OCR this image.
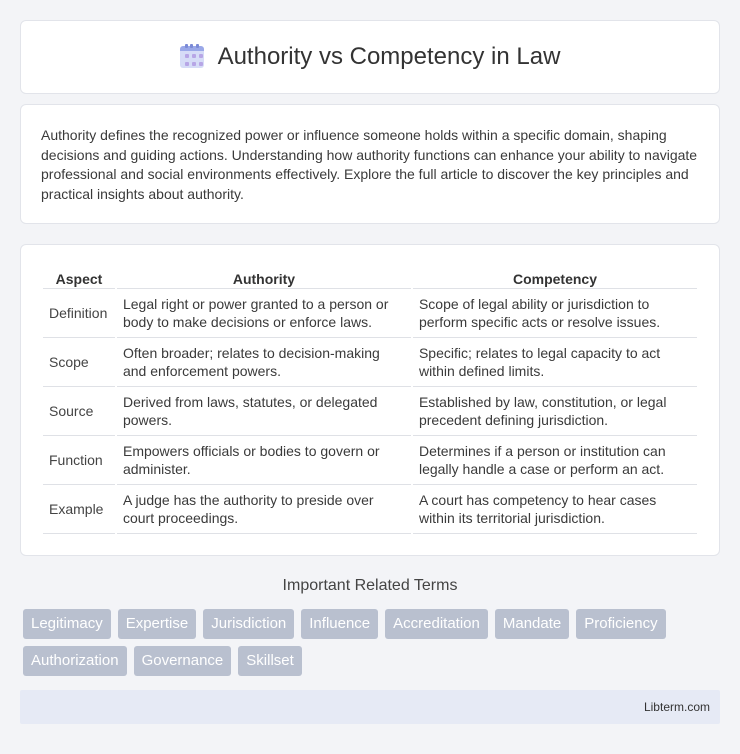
Authority vs Competency in Law

Authority defines the recognized power or influence someone holds within a specific domain, shaping decisions and guiding actions. Understanding how authority functions can enhance your ability to navigate professional and social environments effectively. Explore the full article to discover the key principles and practical insights about authority.

Aspect	Authority	Competency
Definition	Legal right or power granted to a person or body to make decisions or enforce laws.	Scope of legal ability or jurisdiction to perform specific acts or resolve issues.
Scope	Often broader; relates to decision-making and enforcement powers.	Specific; relates to legal capacity to act within defined limits.
Source	Derived from laws, statutes, or delegated powers.	Established by law, constitution, or legal precedent defining jurisdiction.
Function	Empowers officials or bodies to govern or administer.	Determines if a person or institution can legally handle a case or perform an act.
Example	A judge has the authority to preside over court proceedings.	A court has competency to hear cases within its territorial jurisdiction.
Important Related Terms
Legitimacy	Expertise	Jurisdiction	Influence	Accreditation	Mandate	Proficiency
Authorization	Governance	Skillset
Libterm.com
